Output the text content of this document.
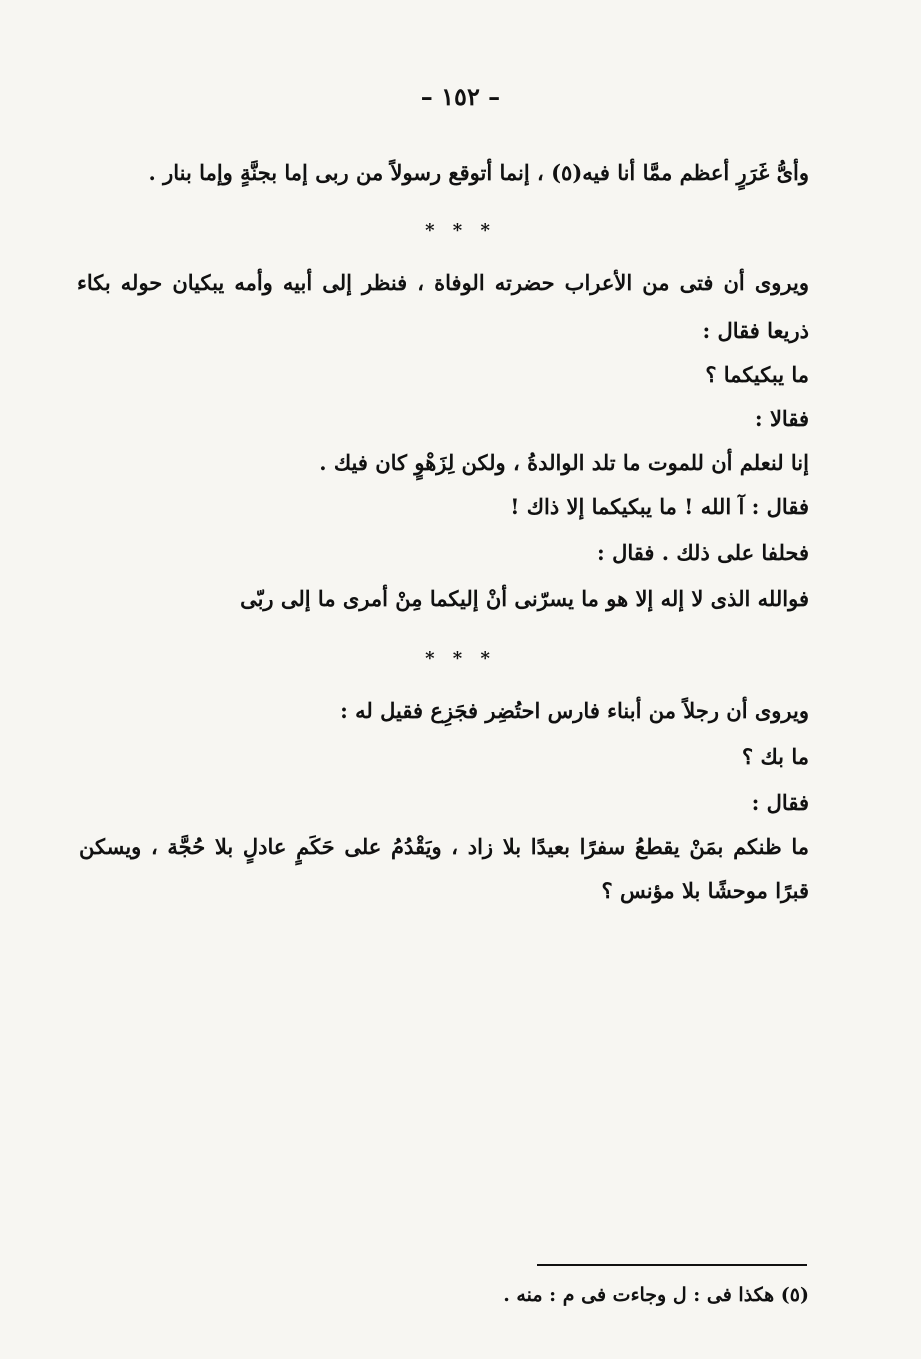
– ١٥٢ –
وأىُّ غَرَرٍ أعظم ممَّا أنا فيه(٥) ، إنما أتوقع رسولاً من ربى إما بجنَّةٍ وإما بنار .
* * *
ويروى أن فتى من الأعراب حضرته الوفاة ، فنظر إلى أبيه وأمه يبكيان حوله بكاء
ذريعا فقال :
ما يبكيكما ؟
فقالا :
إنا لنعلم أن للموت ما تلد الوالدةُ ، ولكن لِزَهْوٍ كان فيك .
فقال : آ الله ! ما يبكيكما إلا ذاك !
فحلفا على ذلك . فقال :
فوالله الذى لا إله إلا هو ما يسرّنى أنْ إليكما مِنْ أمرى ما إلى ربّى
* * *
ويروى أن رجلاً من أبناء فارس احتُضِر فجَزِع فقيل له :
ما بك ؟
فقال :
ما ظنكم بمَنْ يقطعُ سفرًا بعيدًا بلا زاد ، ويَقْدُمُ على حَكَمٍ عادلٍ بلا حُجَّة ، ويسكن
قبرًا موحشًا بلا مؤنس ؟
(٥) هكذا فى : ل وجاءت فى م : منه .
